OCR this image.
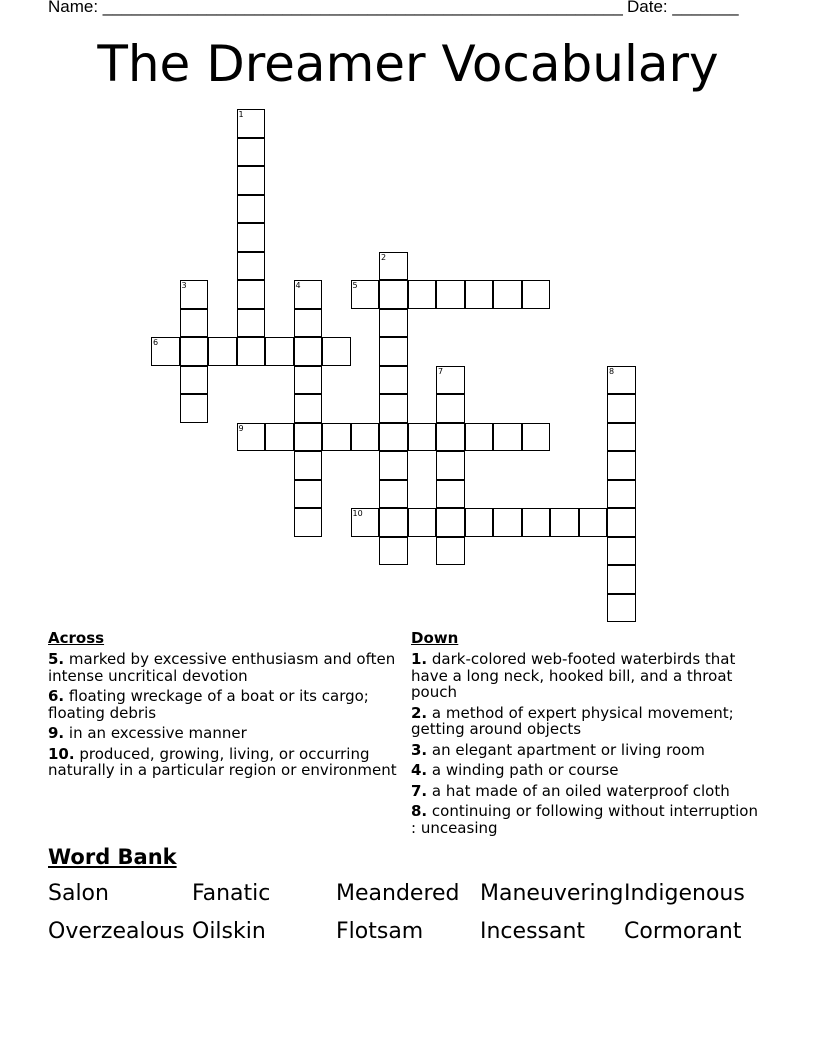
Name: _______________________________________________________ Date: _______
The Dreamer Vocabulary
1
2
3	4	5
6
7	8
9
10
Across
5. marked by excessive enthusiasm and often intense uncritical devotion
6. floating wreckage of a boat or its cargo; floating debris
9. in an excessive manner
10. produced, growing, living, or occurring naturally in a particular region or environment
Down
1. dark-colored web-footed waterbirds that have a long neck, hooked bill, and a throat pouch
2. a method of expert physical movement; getting around objects
3. an elegant apartment or living room
4. a winding path or course
7. a hat made of an oiled waterproof cloth
8. continuing or following without interruption : unceasing
Word Bank
Salon	Fanatic	Meandered Maneuvering Indigenous
Overzealous Oilskin	Flotsam	Incessant Cormorant
